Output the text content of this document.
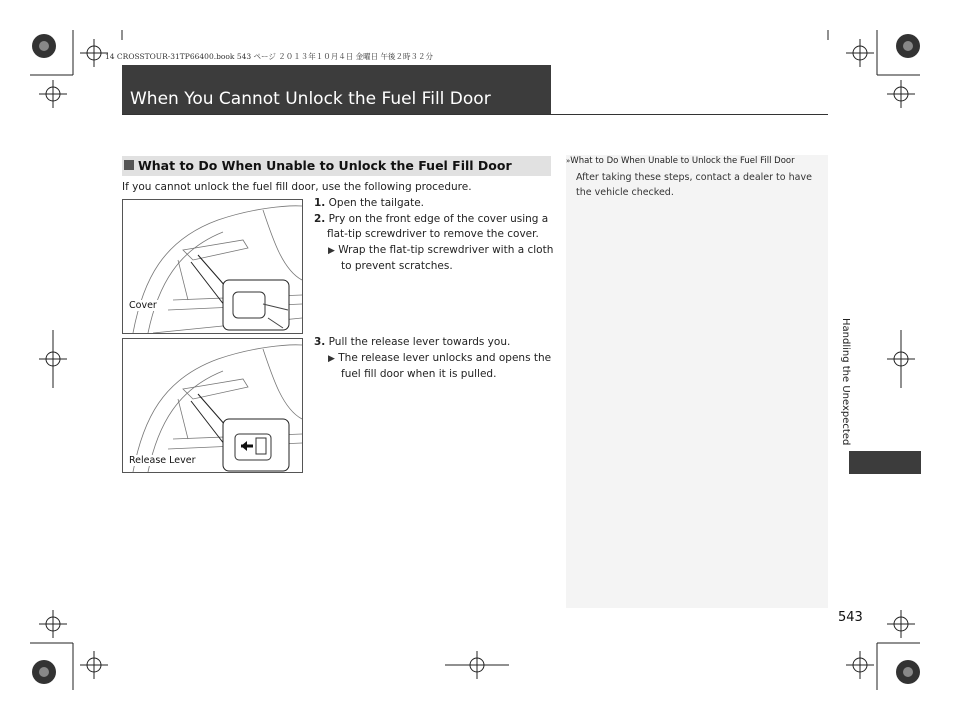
14 CROSSTOUR-31TP66400.book 543 ページ ２０１３年１０月４日 金曜日 午後２時３２分
When You Cannot Unlock the Fuel Fill Door
What to Do When Unable to Unlock the Fuel Fill Door
If you cannot unlock the fuel fill door, use the following procedure.

1. Open the tailgate.

2. Pry on the front edge of the cover using a flat-tip screwdriver to remove the cover.

▶ Wrap the flat-tip screwdriver with a cloth to prevent scratches.

3. Pull the release lever towards you.

▶ The release lever unlocks and opens the fuel fill door when it is pulled.

Cover
Release Lever
»What to Do When Unable to Unlock the Fuel Fill Door
After taking these steps, contact a dealer to have the vehicle checked.
Handling the Unexpected
543
